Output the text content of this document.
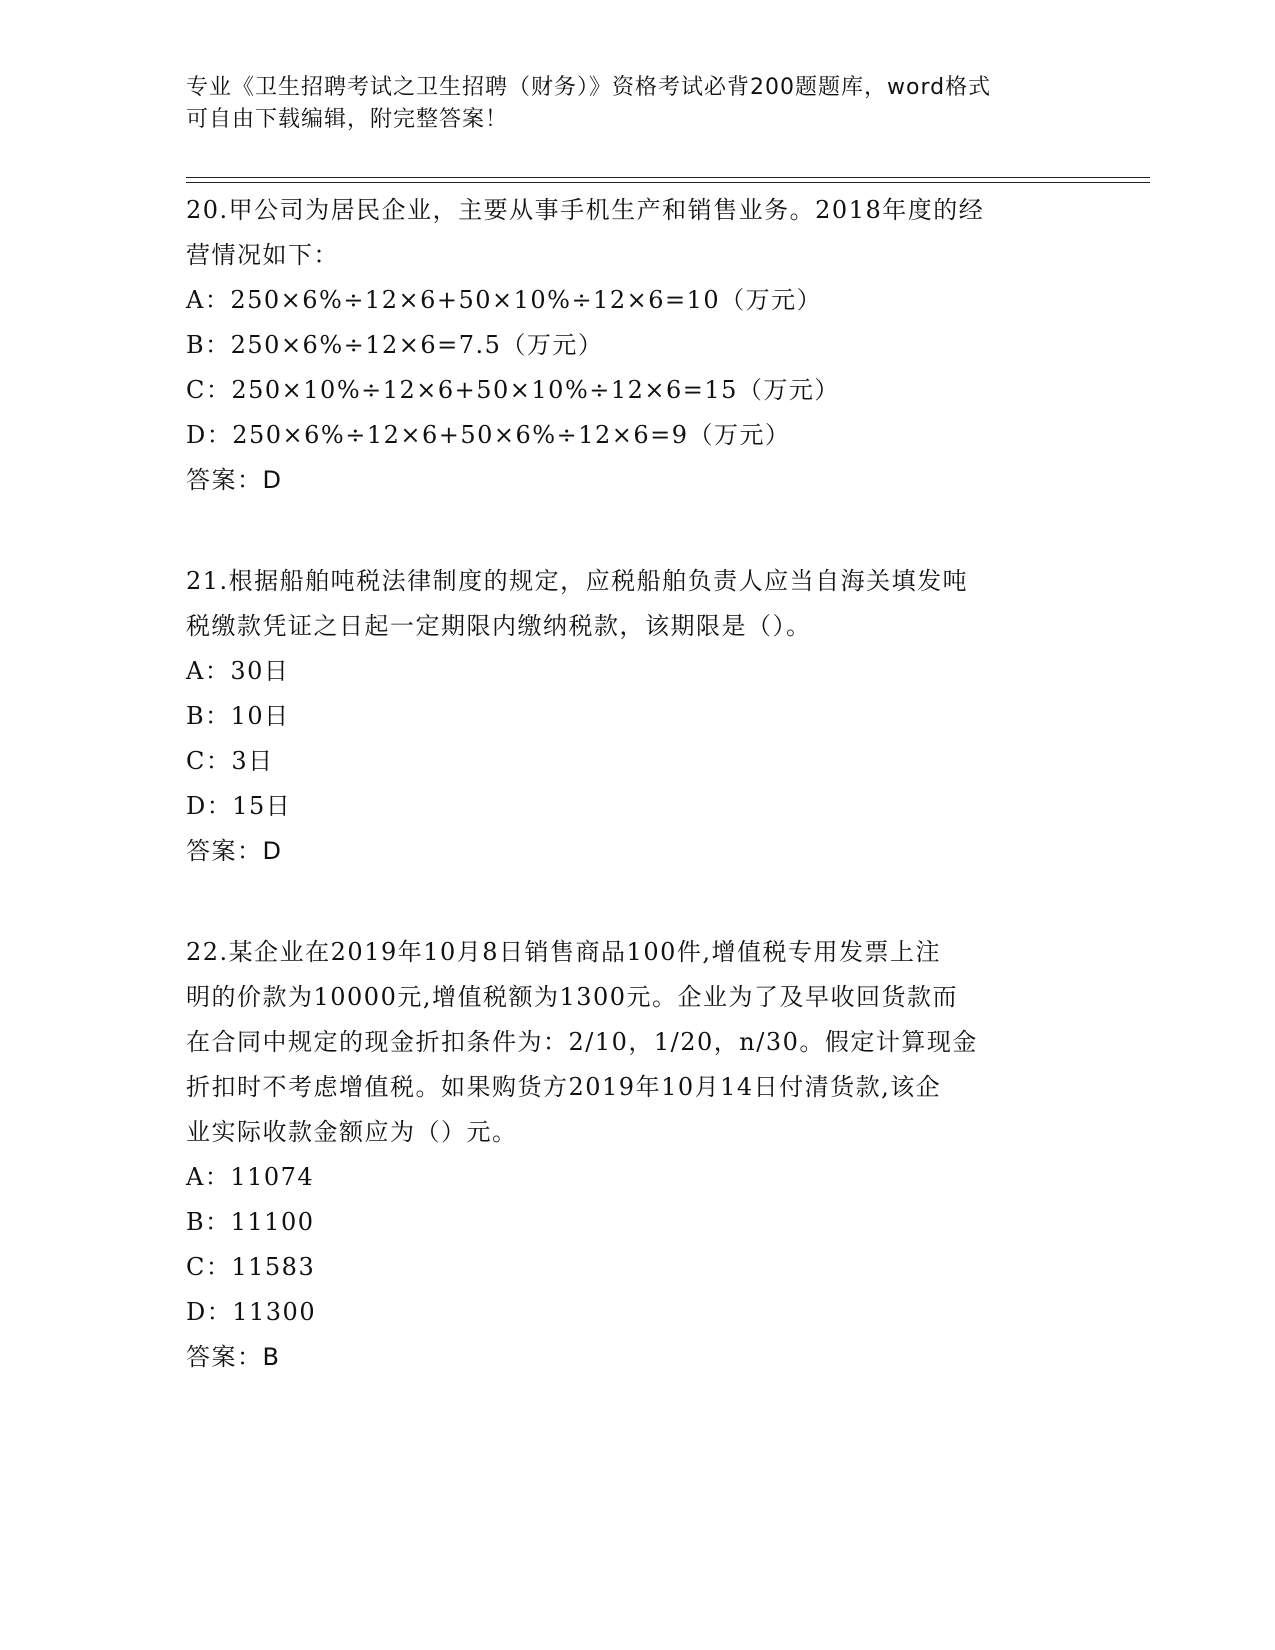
专业《卫生招聘考试之卫生招聘（财务）》资格考试必背200题题库，word格式
可自由下载编辑，附完整答案！
20.甲公司为居民企业，主要从事手机生产和销售业务。2018年度的经
营情况如下：
A：250×6%÷12×6+50×10%÷12×6=10（万元）
B：250×6%÷12×6=7.5（万元）
C：250×10%÷12×6+50×10%÷12×6=15（万元）
D：250×6%÷12×6+50×6%÷12×6=9（万元）
答案：D
21.根据船舶吨税法律制度的规定，应税船舶负责人应当自海关填发吨
税缴款凭证之日起一定期限内缴纳税款，该期限是（）。
A：30日
B：10日
C：3日
D：15日
答案：D
22.某企业在2019年10月8日销售商品100件,增值税专用发票上注
明的价款为10000元,增值税额为1300元。企业为了及早收回货款而
在合同中规定的现金折扣条件为：2/10，1/20，n/30。假定计算现金
折扣时不考虑增值税。如果购货方2019年10月14日付清货款,该企
业实际收款金额应为（）元。
A：11074
B：11100
C：11583
D：11300
答案：B
